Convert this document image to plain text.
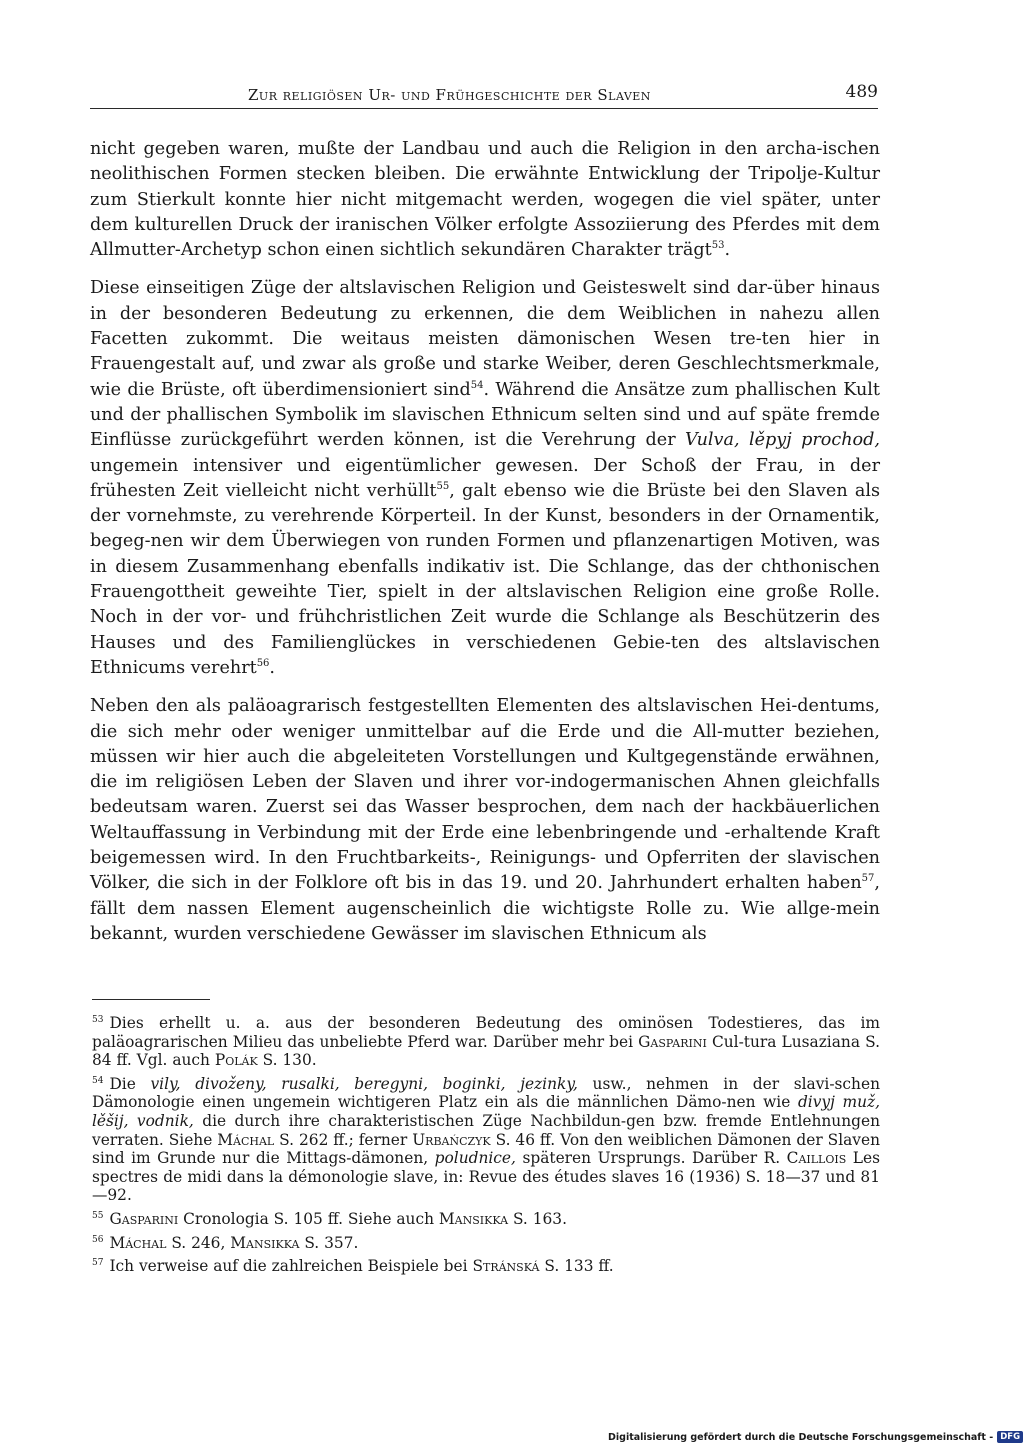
Zur religiösen Ur- und Frühgeschichte der Slaven	489

nicht gegeben waren, mußte der Landbau und auch die Religion in den archa-ischen neolithischen Formen stecken bleiben. Die erwähnte Entwicklung der Tripolje-Kultur zum Stierkult konnte hier nicht mitgemacht werden, wogegen die viel später, unter dem kulturellen Druck der iranischen Völker erfolgte Assoziierung des Pferdes mit dem Allmutter-Archetyp schon einen sichtlich sekundären Charakter trägt$^{53}$.

Diese einseitigen Züge der altslavischen Religion und Geisteswelt sind dar-über hinaus in der besonderen Bedeutung zu erkennen, die dem Weiblichen in nahezu allen Facetten zukommt. Die weitaus meisten dämonischen Wesen tre-ten hier in Frauengestalt auf, und zwar als große und starke Weiber, deren Geschlechtsmerkmale, wie die Brüste, oft überdimensioniert sind$^{54}$. Während die Ansätze zum phallischen Kult und der phallischen Symbolik im slavischen Ethnicum selten sind und auf späte fremde Einflüsse zurückgeführt werden können, ist die Verehrung der Vulva, lěpyj prochod, ungemein intensiver und eigentümlicher gewesen. Der Schoß der Frau, in der frühesten Zeit vielleicht nicht verhüllt$^{55}$, galt ebenso wie die Brüste bei den Slaven als der vornehmste, zu verehrende Körperteil. In der Kunst, besonders in der Ornamentik, begeg-nen wir dem Überwiegen von runden Formen und pflanzenartigen Motiven, was in diesem Zusammenhang ebenfalls indikativ ist. Die Schlange, das der chthonischen Frauengottheit geweihte Tier, spielt in der altslavischen Religion eine große Rolle. Noch in der vor- und frühchristlichen Zeit wurde die Schlange als Beschützerin des Hauses und des Familienglückes in verschiedenen Gebie-ten des altslavischen Ethnicums verehrt$^{56}$.

Neben den als paläoagrarisch festgestellten Elementen des altslavischen Hei-dentums, die sich mehr oder weniger unmittelbar auf die Erde und die All-mutter beziehen, müssen wir hier auch die abgeleiteten Vorstellungen und Kultgegenstände erwähnen, die im religiösen Leben der Slaven und ihrer vor-indogermanischen Ahnen gleichfalls bedeutsam waren. Zuerst sei das Wasser besprochen, dem nach der hackbäuerlichen Weltauffassung in Verbindung mit der Erde eine lebenbringende und -erhaltende Kraft beigemessen wird. In den Fruchtbarkeits-, Reinigungs- und Opferriten der slavischen Völker, die sich in der Folklore oft bis in das 19. und 20. Jahrhundert erhalten haben$^{57}$, fällt dem nassen Element augenscheinlich die wichtigste Rolle zu. Wie allge-mein bekannt, wurden verschiedene Gewässer im slavischen Ethnicum als

$^{53}$ Dies erhellt u. a. aus der besonderen Bedeutung des ominösen Todestieres, das im paläoagrarischen Milieu das unbeliebte Pferd war. Darüber mehr bei Gasparini Cul-tura Lusaziana S. 84 ff. Vgl. auch Polák S. 130.
$^{54}$ Die vily, divoženy, rusalki, beregyni, boginki, jezinky, usw., nehmen in der slavi-schen Dämonologie einen ungemein wichtigeren Platz ein als die männlichen Dämo-nen wie divyj muž, lěšij, vodnik, die durch ihre charakteristischen Züge Nachbildun-gen bzw. fremde Entlehnungen verraten. Siehe Máchal S. 262 ff.; ferner Urbańczyk S. 46 ff. Von den weiblichen Dämonen der Slaven sind im Grunde nur die Mittags-dämonen, poludnice, späteren Ursprungs. Darüber R. Caillois Les spectres de midi dans la démonologie slave, in: Revue des études slaves 16 (1936) S. 18—37 und 81—92.
$^{55}$ Gasparini Cronologia S. 105 ff. Siehe auch Mansikka S. 163.
$^{56}$ Máchal S. 246, Mansikka S. 357.
$^{57}$ Ich verweise auf die zahlreichen Beispiele bei Stránská S. 133 ff.
Digitalisierung gefördert durch die Deutsche Forschungsgemeinschaft - DFG
